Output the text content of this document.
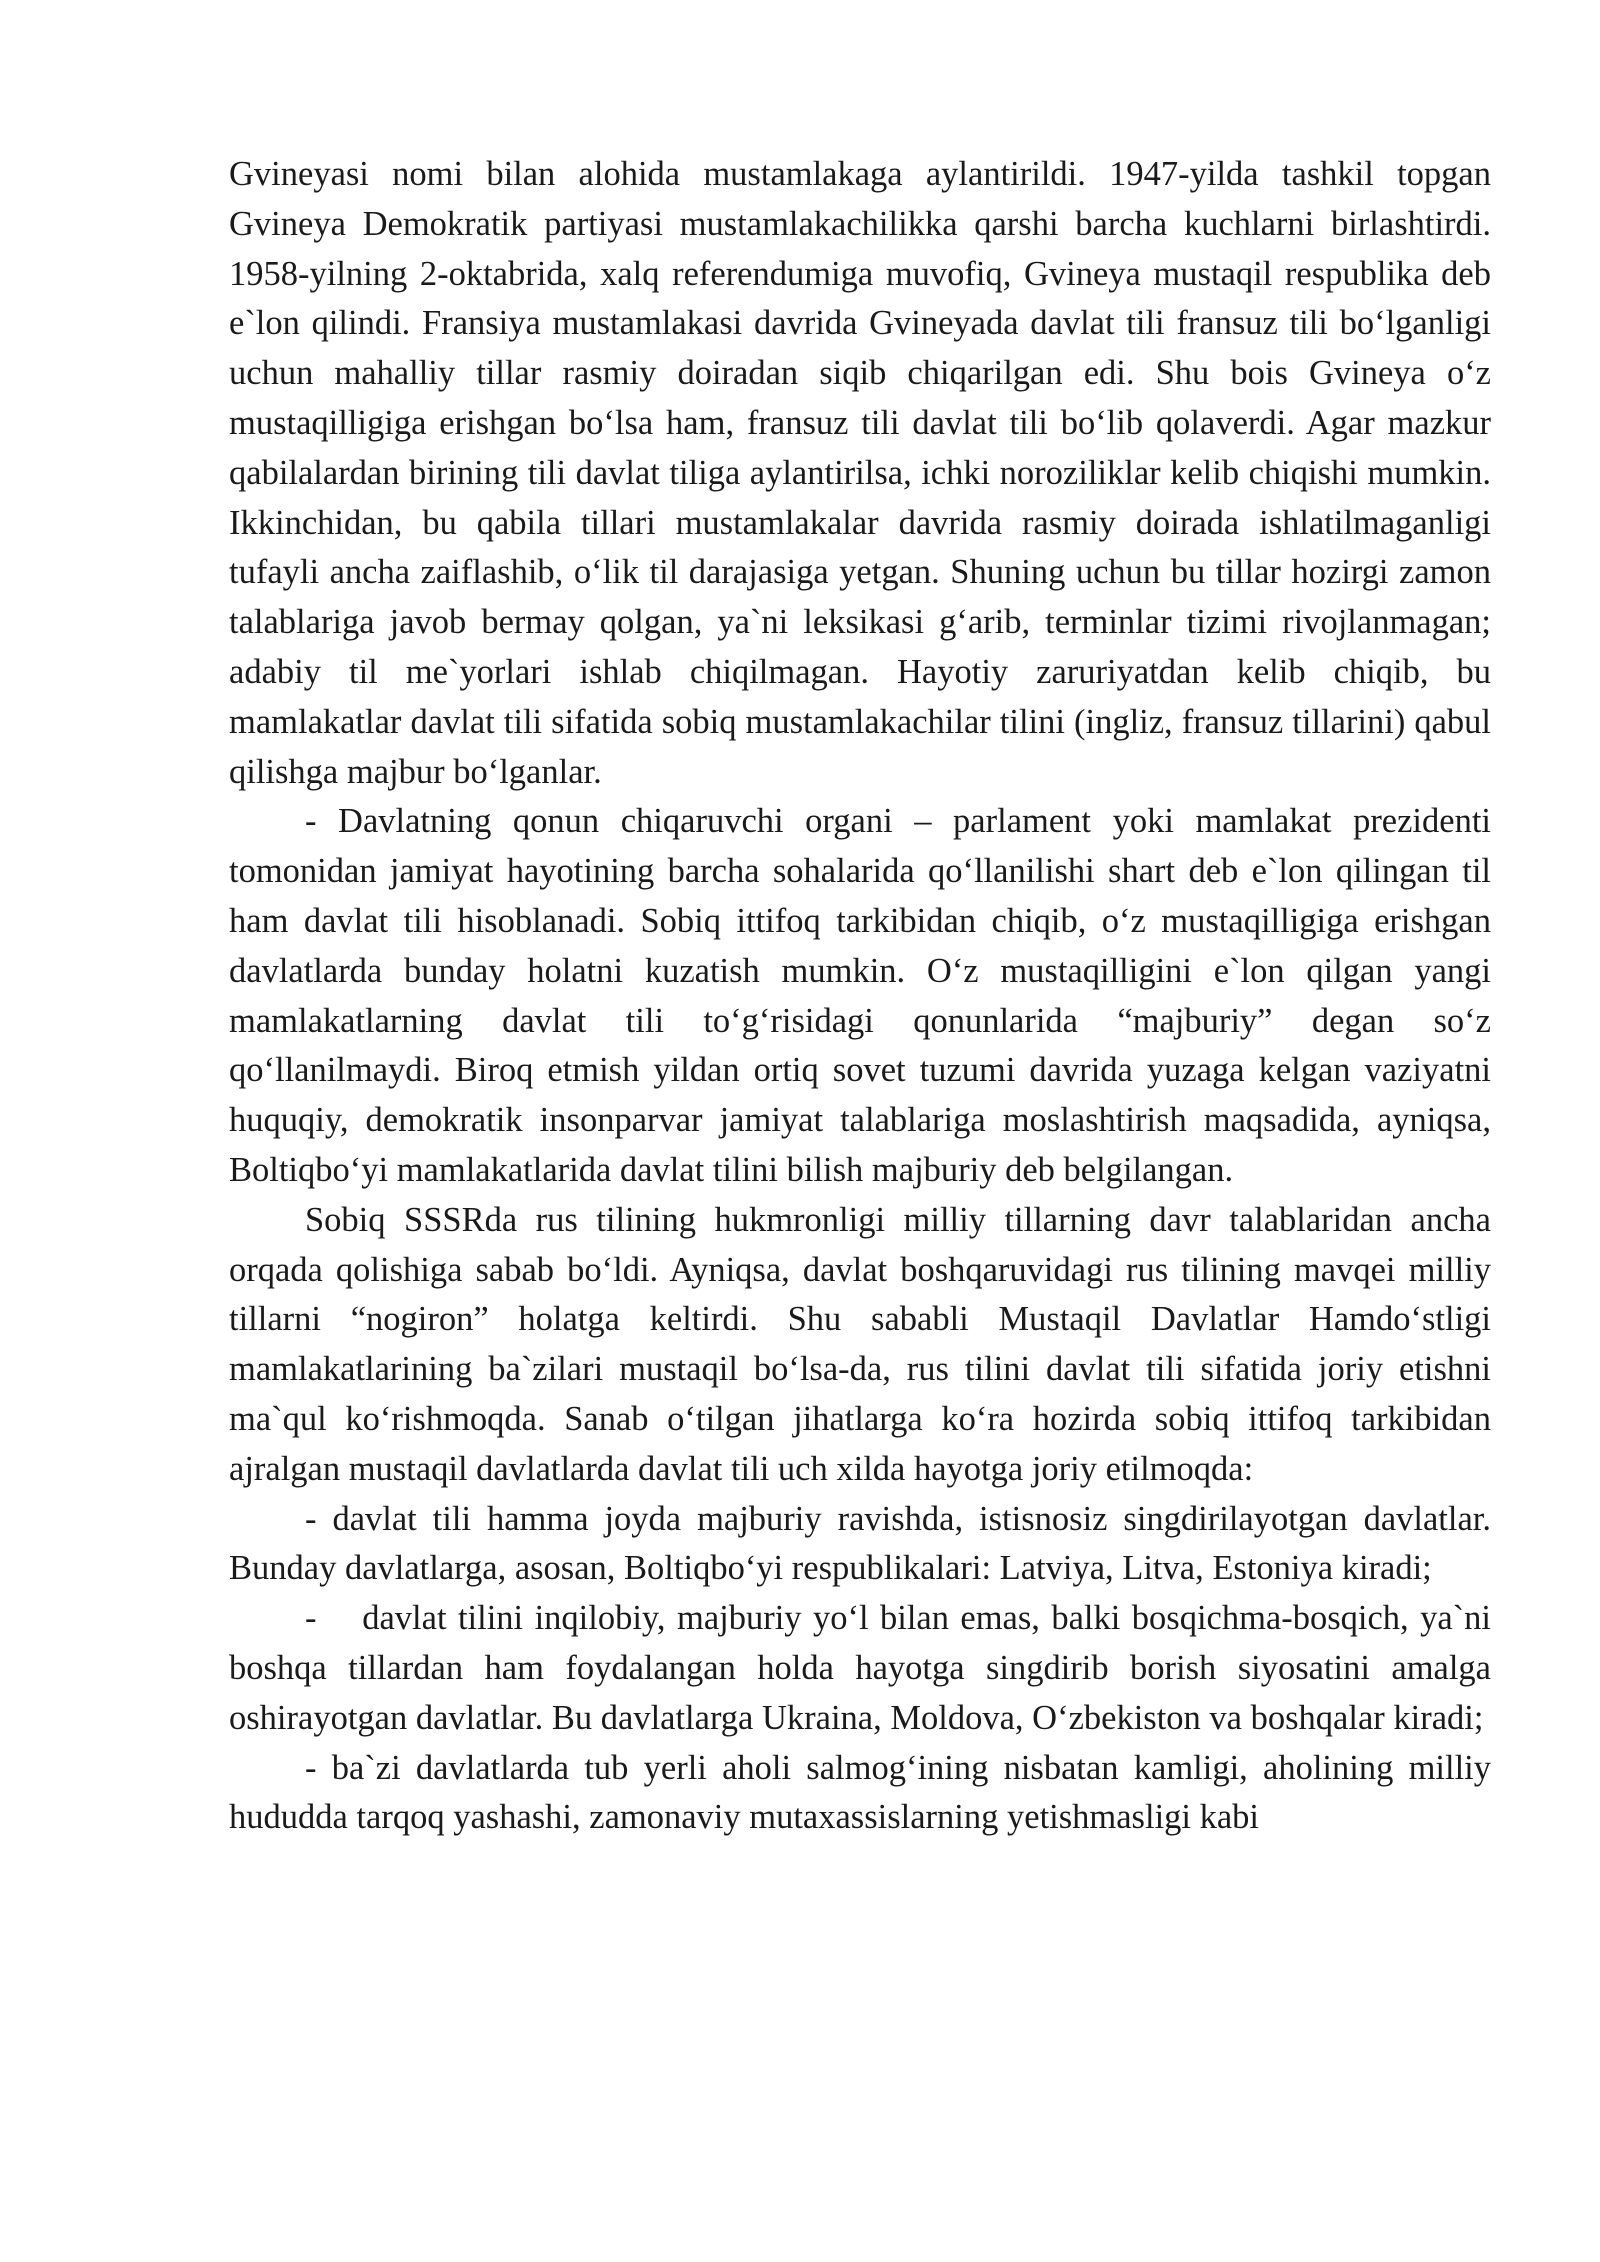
Gvineyasi nomi bilan alohida mustamlakaga aylantirildi. 1947-yilda tashkil topgan Gvineya Demokratik partiyasi mustamlakachilikka qarshi barcha kuchlarni birlashtirdi. 1958-yilning 2-oktabrida, xalq referendumiga muvofiq, Gvineya mustaqil respublika deb e`lon qilindi. Fransiya mustamlakasi davrida Gvineyada davlat tili fransuz tili bo‘lganligi uchun mahalliy tillar rasmiy doiradan siqib chiqarilgan edi. Shu bois Gvineya o‘z mustaqilligiga erishgan bo‘lsa ham, fransuz tili davlat tili bo‘lib qolaverdi. Agar mazkur qabilalardan birining tili davlat tiliga aylantirilsa, ichki noroziliklar kelib chiqishi mumkin. Ikkinchidan, bu qabila tillari mustamlakalar davrida rasmiy doirada ishlatilmaganligi tufayli ancha zaiflashib, o‘lik til darajasiga yetgan. Shuning uchun bu tillar hozirgi zamon talablariga javob bermay qolgan, ya`ni leksikasi g‘arib, terminlar tizimi rivojlanmagan; adabiy til me`yorlari ishlab chiqilmagan. Hayotiy zaruriyatdan kelib chiqib, bu mamlakatlar davlat tili sifatida sobiq mustamlakachilar tilini (ingliz, fransuz tillarini) qabul qilishga majbur bo‘lganlar.

- Davlatning qonun chiqaruvchi organi – parlament yoki mamlakat prezidenti tomonidan jamiyat hayotining barcha sohalarida qo‘llanilishi shart deb e`lon qilingan til ham davlat tili hisoblanadi. Sobiq ittifoq tarkibidan chiqib, o‘z mustaqilligiga erishgan davlatlarda bunday holatni kuzatish mumkin. O‘z mustaqilligini e`lon qilgan yangi mamlakatlarning davlat tili to‘g‘risidagi qonunlarida “majburiy” degan so‘z qo‘llanilmaydi. Biroq etmish yildan ortiq sovet tuzumi davrida yuzaga kelgan vaziyatni huquqiy, demokratik insonparvar jamiyat talablariga moslashtirish maqsadida, ayniqsa, Boltiqbo‘yi mamlakatlarida davlat tilini bilish majburiy deb belgilangan.

Sobiq SSSRda rus tilining hukmronligi milliy tillarning davr talablaridan ancha orqada qolishiga sabab bo‘ldi. Ayniqsa, davlat boshqaruvidagi rus tilining mavqei milliy tillarni “nogiron” holatga keltirdi. Shu sababli Mustaqil Davlatlar Hamdo‘stligi mamlakatlarining ba`zilari mustaqil bo‘lsa-da, rus tilini davlat tili sifatida joriy etishni ma`qul ko‘rishmoqda. Sanab o‘tilgan jihatlarga ko‘ra hozirda sobiq ittifoq tarkibidan ajralgan mustaqil davlatlarda davlat tili uch xilda hayotga joriy etilmoqda:

- davlat tili hamma joyda majburiy ravishda, istisnosiz singdirilayotgan davlatlar. Bunday davlatlarga, asosan, Boltiqbo‘yi respublikalari: Latviya, Litva, Estoniya kiradi;

-    davlat tilini inqilobiy, majburiy yo‘l bilan emas, balki bosqichma-bosqich, ya`ni boshqa tillardan ham foydalangan holda hayotga singdirib borish siyosatini amalga oshirayotgan davlatlar. Bu davlatlarga Ukraina, Moldova, O‘zbekiston va boshqalar kiradi;

- ba`zi davlatlarda tub yerli aholi salmog‘ining nisbatan kamligi, aholining milliy hududda tarqoq yashashi, zamonaviy mutaxassislarning yetishmasligi kabi
